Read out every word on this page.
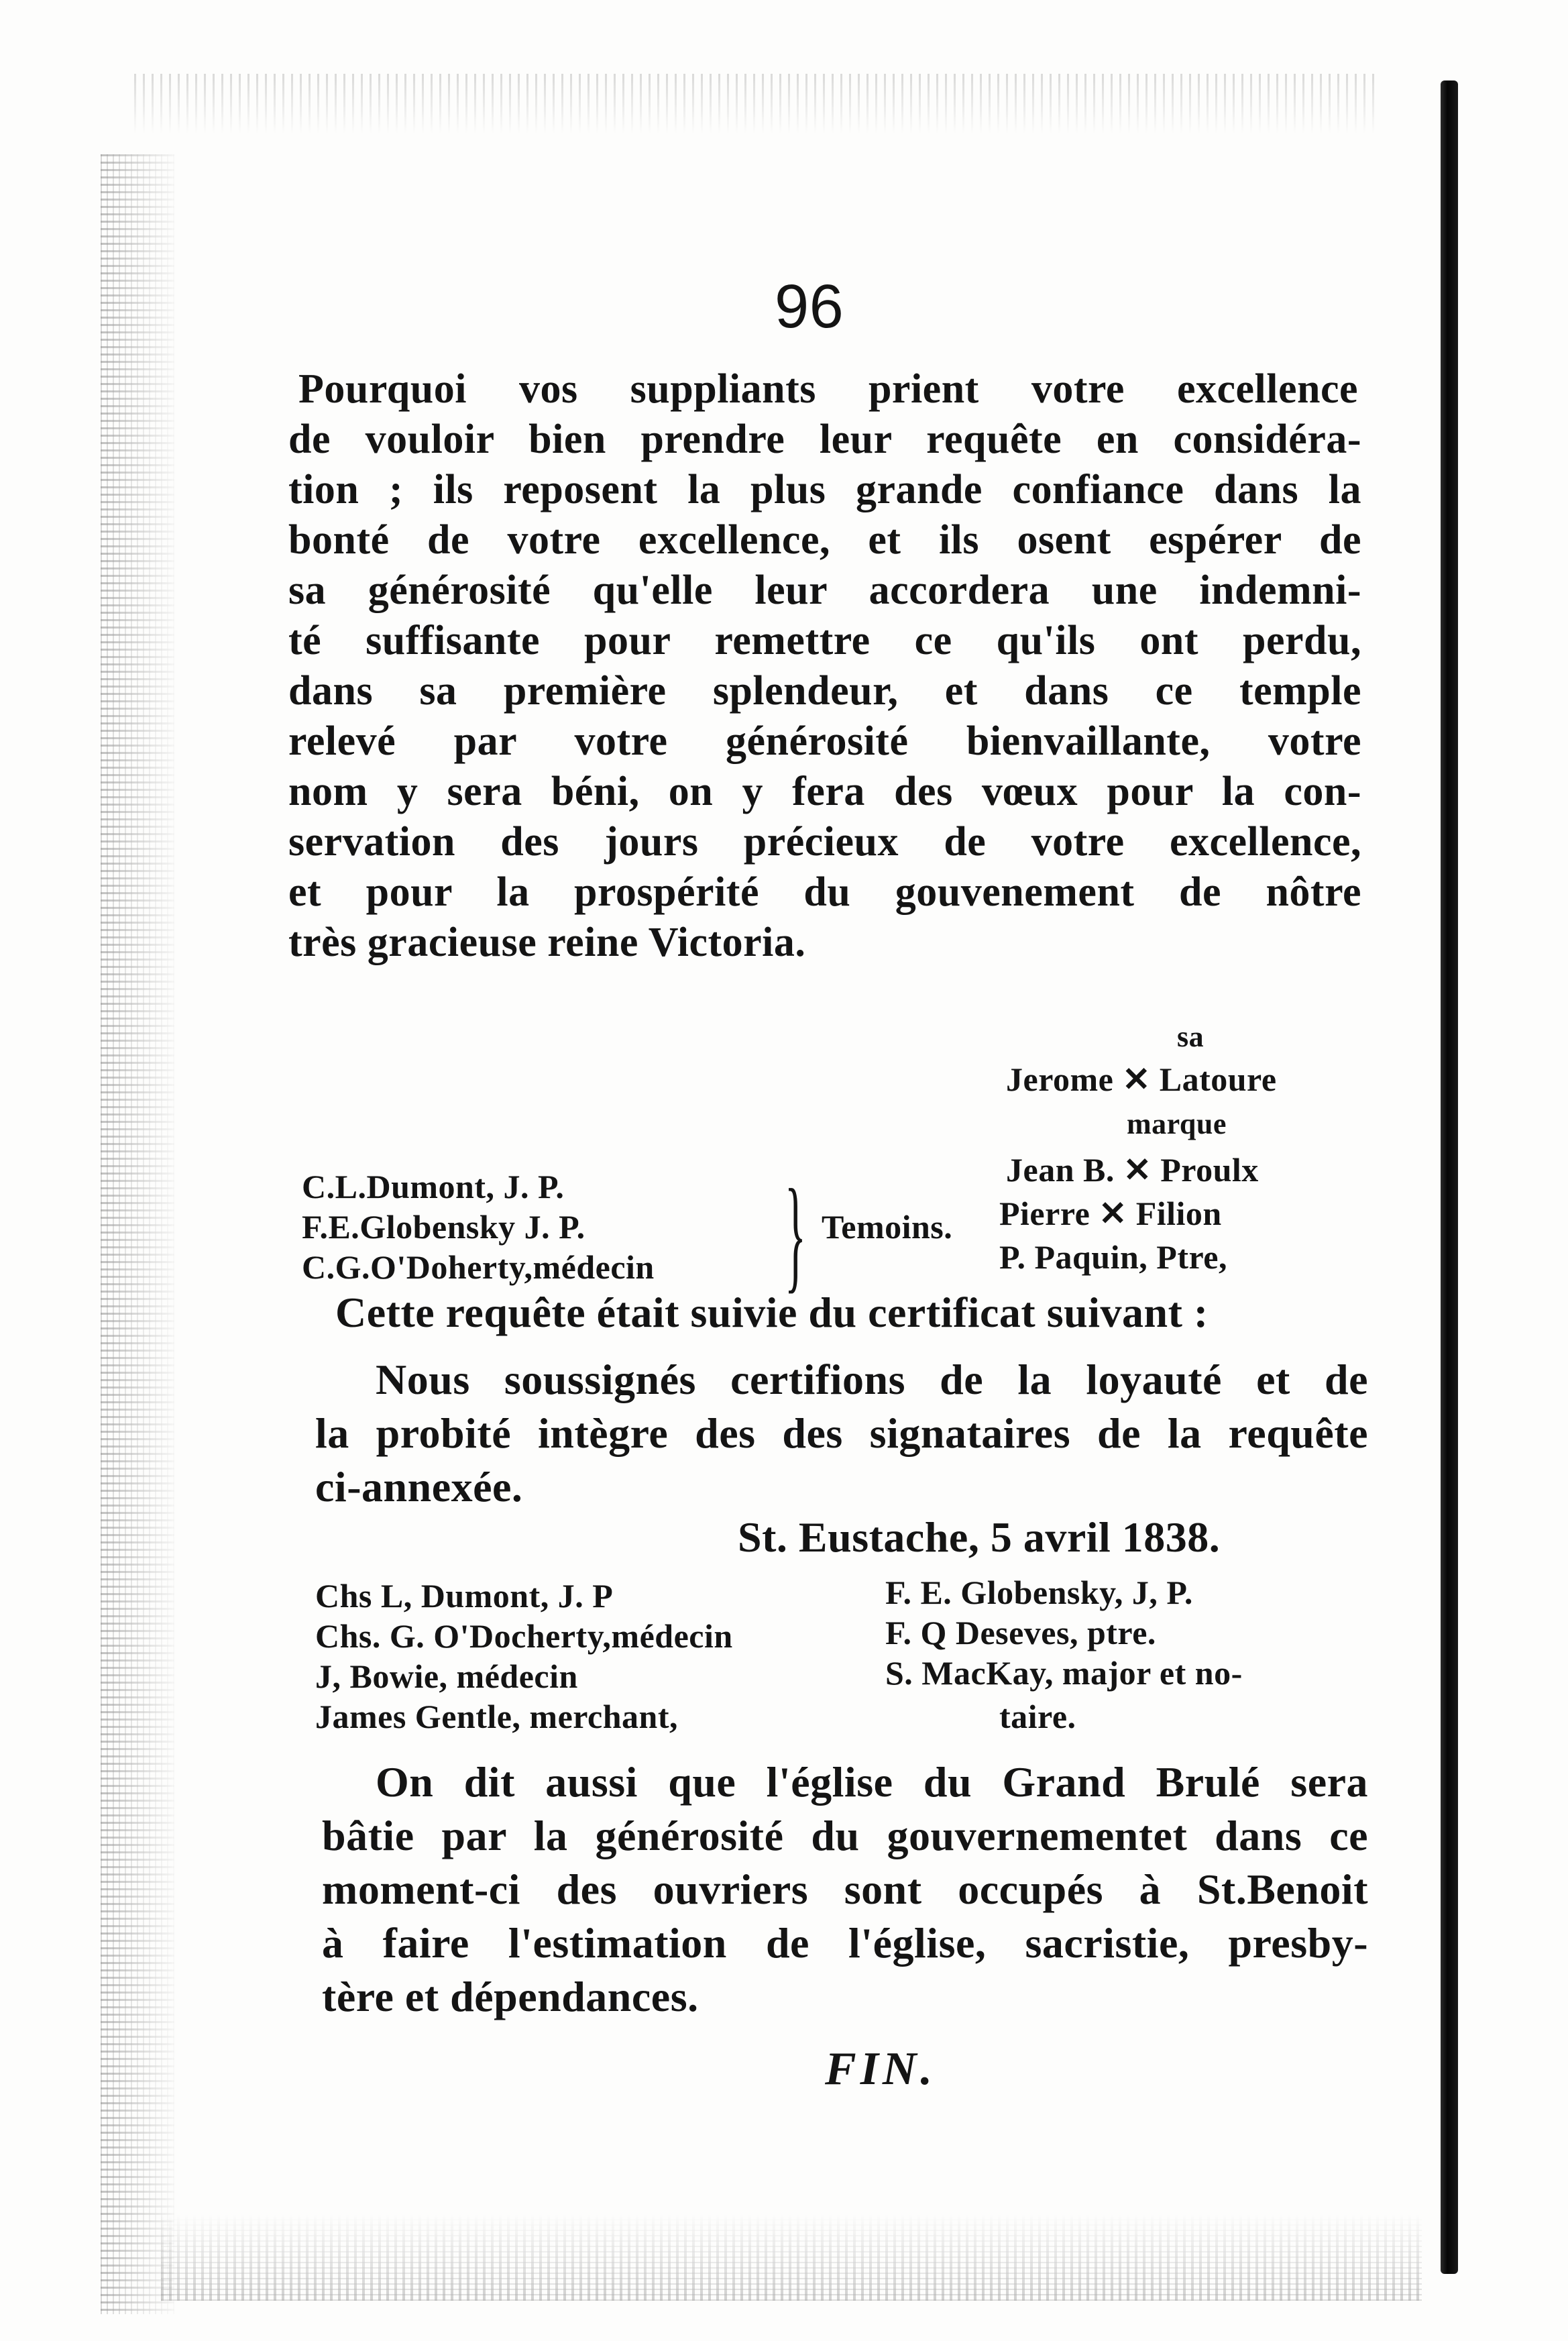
96
Pourquoi vos suppliants prient votre excellence
de vouloir bien prendre leur requête en considéra-
tion ; ils reposent la plus grande confiance dans la
bonté de votre excellence, et ils osent espérer de
sa générosité qu'elle leur accordera une indemni-
té suffisante pour remettre ce qu'ils ont perdu,
dans sa première splendeur, et dans ce temple
relevé par votre générosité bienvaillante, votre
nom y sera béni, on y fera des vœux pour la con-
servation des jours précieux de votre excellence,
et pour la prospérité du gouvenement de nôtre
très gracieuse reine Victoria.
sa
Jerome ✕ Latoure
marque
Jean B. ✕ Proulx
Pierre ✕ Filion
P. Paquin, Ptre,
C.L.Dumont, J. P.
F.E.Globensky J. P.
C.G.O'Doherty,médecin } Temoins.
Cette requête était suivie du certificat suivant :
Nous soussignés certifions de la loyauté et de
la probité intègre des des signataires de la requête
ci-annexée.
St. Eustache, 5 avril 1838.
Chs L, Dumont, J. P
Chs. G. O'Docherty,médecin
J, Bowie, médecin
James Gentle, merchant,
F. E. Globensky, J, P.
F. Q Deseves, ptre.
S. MacKay, major et no-
taire.
On dit aussi que l'église du Grand Brulé sera
bâtie par la générosité du gouvernementet dans ce
moment-ci des ouvriers sont occupés à St.Benoit
à faire l'estimation de l'église, sacristie, presby-
tère et dépendances.
FIN.
